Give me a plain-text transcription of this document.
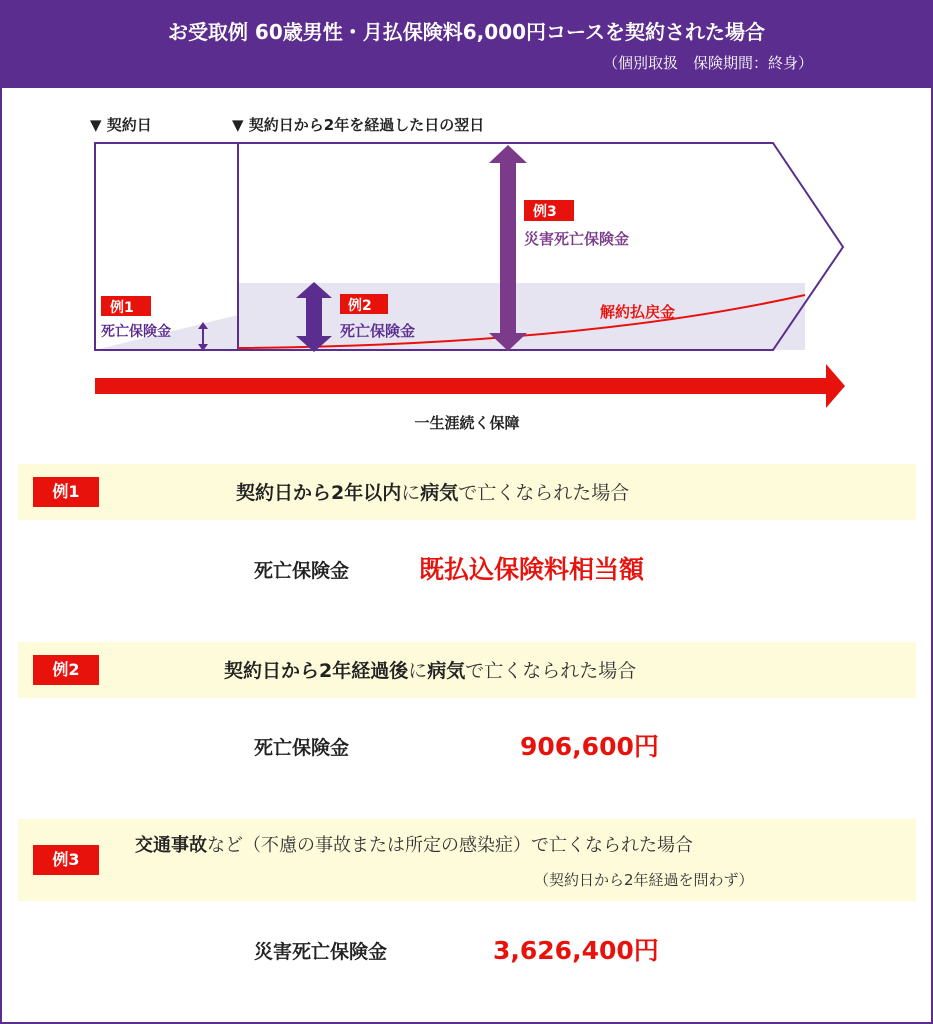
お受取例 60歳男性・月払保険料6,000円コースを契約された場合
（個別取扱　保険期間：終身）
▼ 契約日	▼ 契約日から2年を経過した日の翌日
解約払戻金
例1
死亡保険金
例2
死亡保険金
例3
災害死亡保険金
一生涯続く保障
例1	契約日から2年以内に病気で亡くなられた場合
死亡保険金	既払込保険料相当額
例2	契約日から2年経過後に病気で亡くなられた場合
死亡保険金	906,600円
例3
交通事故など（不慮の事故または所定の感染症）で亡くなられた場合
（契約日から2年経過を問わず）
災害死亡保険金	3,626,400円
